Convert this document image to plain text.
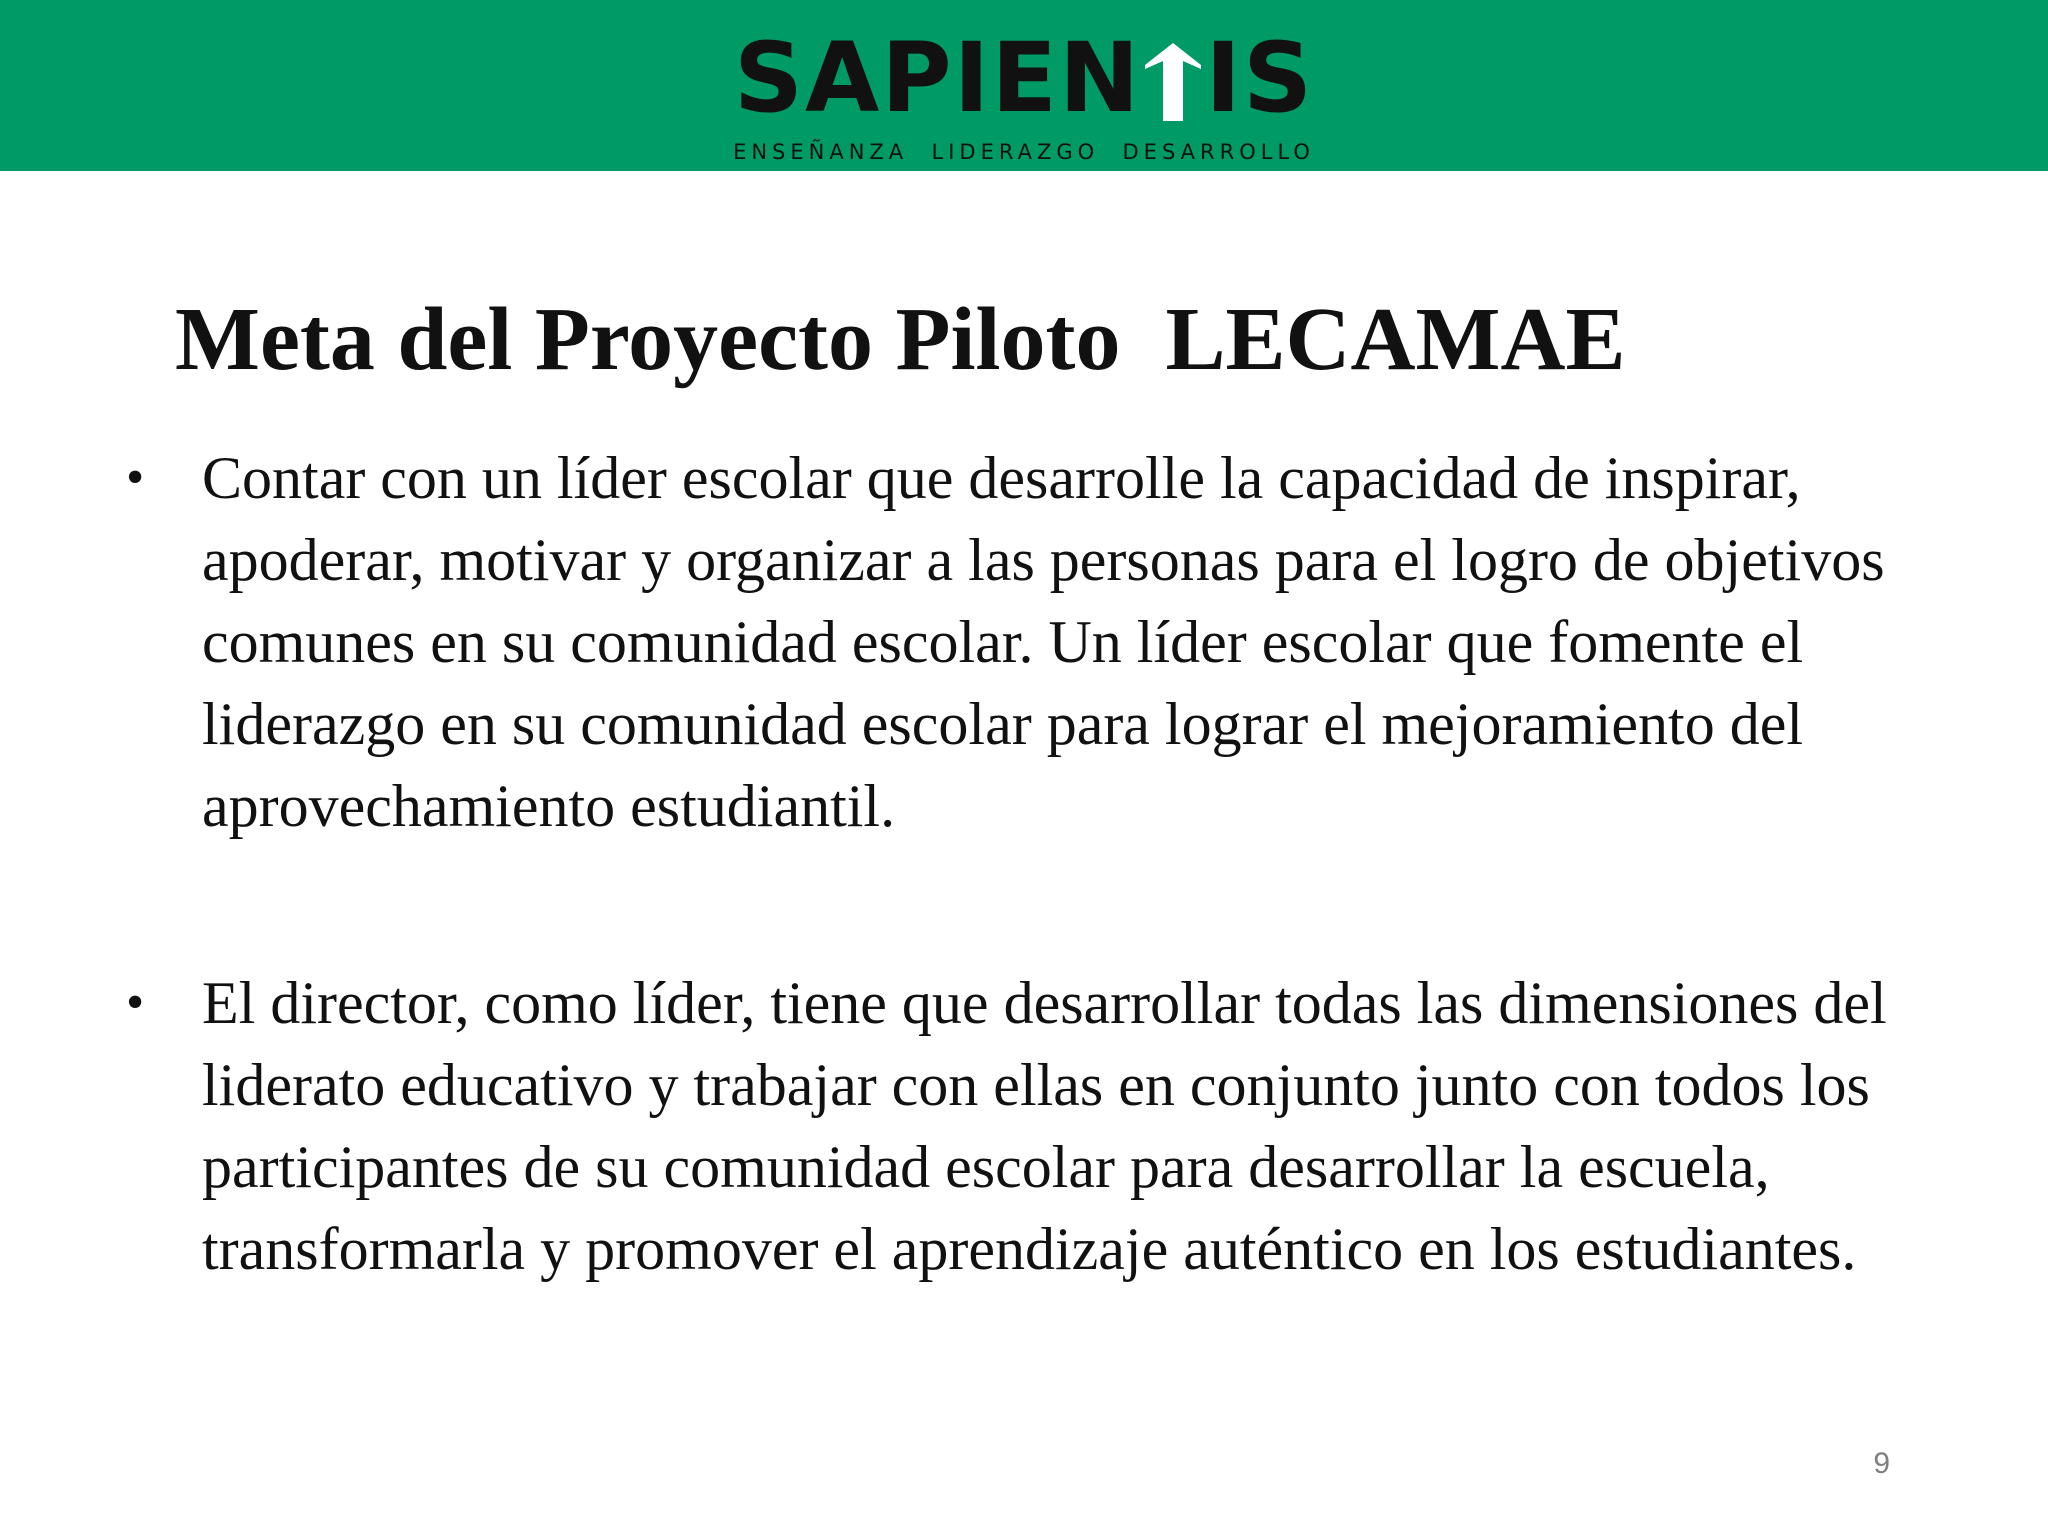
SAPIEN IS
ENSEÑANZA  LIDERAZGO  DESARROLLO
Meta del Proyecto Piloto  LECAMAE
• Contar con un líder escolar que desarrolle la capacidad de inspirar, apoderar, motivar y organizar a las personas para el logro de objetivos comunes en su comunidad escolar. Un líder escolar que fomente el liderazgo en su comunidad escolar para lograr el mejoramiento del aprovechamiento estudiantil.
• El director, como líder, tiene que desarrollar todas las dimensiones del liderato educativo y trabajar con ellas en conjunto junto con todos los participantes de su comunidad escolar para desarrollar la escuela, transformarla y promover el aprendizaje auténtico en los estudiantes.
9
